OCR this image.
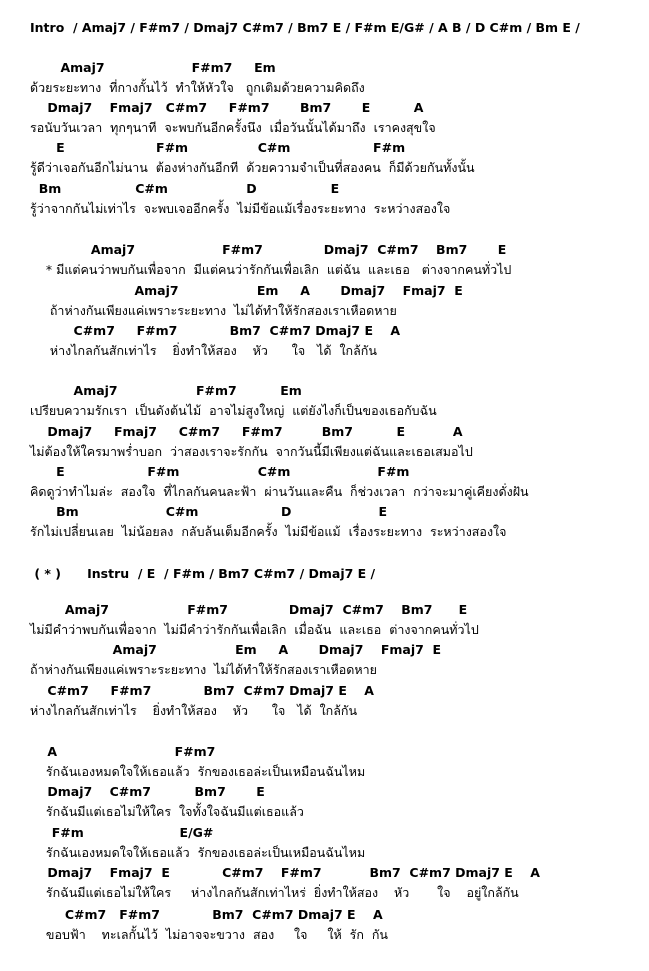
Intro  / Amaj7 / F#m7 / Dmaj7 C#m7 / Bm7 E / F#m E/G# / A B / D C#m / Bm E /
Amaj7                    F#m7     Em
ด้วยระยะทาง  ที่กางกั้นไว้  ทำให้หัวใจ   ถูกเติมด้วยความคิดถึง
Dmaj7    Fmaj7   C#m7     F#m7       Bm7       E          A
รอนับวันเวลา  ทุกๆนาที  จะพบกันอีกครั้งนึง  เมื่อวันนั้นได้มาถึง  เราคงสุขใจ
E                     F#m                C#m                   F#m
รู้ดีว่าเจอกันอีกไม่นาน  ต้องห่างกันอีกที  ด้วยความจำเป็นที่สองคน  ก็มีด้วยกันทั้งนั้น
Bm                 C#m                  D                 E
รู้ว่าจากกันไม่เท่าไร  จะพบเจออีกครั้ง  ไม่มีข้อแม้เรื่องระยะทาง  ระหว่างสองใจ
Amaj7                    F#m7              Dmaj7  C#m7    Bm7       E
* มีแต่คนว่าพบกันเพื่อจาก  มีแต่คนว่ารักกันเพื่อเลิก  แต่ฉัน  และเธอ   ต่างจากคนทั่วไป
Amaj7                  Em     A       Dmaj7    Fmaj7  E
ถ้าห่างกันเพียงแค่เพราะระยะทาง  ไม่ได้ทำให้รักสองเราเหือดหาย
C#m7     F#m7            Bm7  C#m7 Dmaj7 E    A
ห่างไกลกันสักเท่าไร    ยิ่งทำให้สอง    หัว      ใจ   ได้  ใกล้กัน
Amaj7                  F#m7          Em
เปรียบความรักเรา  เป็นดังต้นไม้  อาจไม่สูงใหญ่  แต่ยังไงก็เป็นของเธอกับฉัน
Dmaj7     Fmaj7     C#m7     F#m7         Bm7          E           A
ไม่ต้องให้ใครมาพร่ำบอก  ว่าสองเราจะรักกัน  จากวันนี้มีเพียงแต่ฉันและเธอเสมอไป
E                   F#m                  C#m                    F#m
คิดดูว่าทำไมล่ะ  สองใจ  ที่ไกลกันคนละฟ้า  ผ่านวันและคืน  ก็ช่วงเวลา  กว่าจะมาคู่เคียงดั่งฝัน
Bm                    C#m                   D                    E
รักไม่เปลี่ยนเลย  ไม่น้อยลง  กลับล้นเต็มอีกครั้ง  ไม่มีข้อแม้  เรื่องระยะทาง  ระหว่างสองใจ
( * )      Instru  / E  / F#m / Bm7 C#m7 / Dmaj7 E /
Amaj7                  F#m7              Dmaj7  C#m7    Bm7      E
ไม่มีคำว่าพบกันเพื่อจาก  ไม่มีคำว่ารักกันเพื่อเลิก  เมื่อฉัน  และเธอ  ต่างจากคนทั่วไป
Amaj7                  Em     A       Dmaj7    Fmaj7  E
ถ้าห่างกันเพียงแค่เพราะระยะทาง  ไม่ได้ทำให้รักสองเราเหือดหาย
C#m7     F#m7            Bm7  C#m7 Dmaj7 E    A
ห่างไกลกันสักเท่าไร    ยิ่งทำให้สอง    หัว      ใจ   ได้  ใกล้กัน
A                           F#m7
รักฉันเองหมดใจให้เธอแล้ว  รักของเธอล่ะเป็นเหมือนฉันไหม
Dmaj7    C#m7          Bm7       E
รักฉันมีแต่เธอไม่ให้ใคร  ใจทั้งใจฉันมีแต่เธอแล้ว
F#m                      E/G#
รักฉันเองหมดใจให้เธอแล้ว  รักของเธอล่ะเป็นเหมือนฉันไหม
Dmaj7    Fmaj7  E            C#m7    F#m7           Bm7  C#m7 Dmaj7 E    A
รักฉันมีแต่เธอไม่ให้ใคร     ห่างไกลกันสักเท่าไหร่  ยิ่งทำให้สอง    หัว       ใจ    อยู่ใกล้กัน
C#m7   F#m7            Bm7  C#m7 Dmaj7 E    A
ขอบฟ้า    ทะเลกั้นไว้  ไม่อาจจะขวาง  สอง     ใจ     ให้  รัก  กัน
